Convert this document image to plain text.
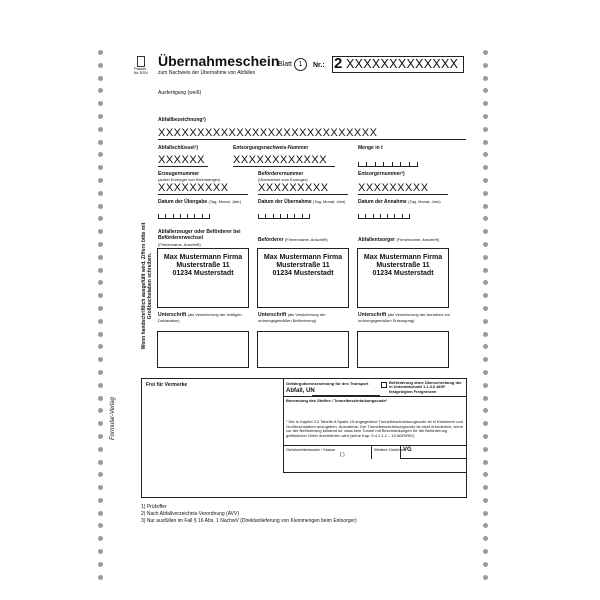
Passer für EDV
Übernahmeschein
zum Nachweis der Übernahme von Abfällen
Blatt 1	Nr.: 2 XXXXXXXXXXXXX
Ausfertigung (weiß)
Abfallbezeichnung²)
XXXXXXXXXXXXXXXXXXXXXXXXXXXX
Abfallschlüssel²)	Entsorgungsnachweis-Nummer	Menge in t
XXXXXX	XXXXXXXXXXXX
Erzeugernummer
(außer Erzeuger von Kleinmengen)
Beförderernummer
(Übernahme vom Erzeuger)
Entsorgernummer³)
XXXXXXXXX	XXXXXXXXX	XXXXXXXXX
Datum der Übergabe (Tag, Monat, Jahr)	Datum der Übernahme (Tag, Monat, Jahr)	Datum der Annahme (Tag, Monat, Jahr)
Wenn handschriftlich ausgefüllt wird, Ziffern bitte mit Großbuchstaben schreiben.
Abfallerzeuger oder Beförderer bei Befördererwechsel
(Firmenname, Anschrift)
Beförderer (Firmenname, Anschrift)	Abfallentsorger (Firmenname, Anschrift)
Max Mustermann Firma
Musterstraße 11
01234 Musterstadt
Max Mustermann Firma
Musterstraße 11
01234 Musterstadt
Max Mustermann Firma
Musterstraße 11
01234 Musterstadt
Unterschrift (als Versicherung der richtigen Deklaration)
Unterschrift (als Versicherung der ordnungsgemäßen Beförderung)
Unterschrift (als Versicherung der Annahme zur ordnungsgemäßen Entsorgung)
Formular-Verlag
Frei für Vermerke	Gefahrgutkennzeichnung für den Transport
Abfall, UN
Beförderung ohne Überschreitung der in Unterabschnitt 1.1.3.6 ADR festgelegten Freigrenzen
Benennung des Stoffes / Tunnelbeschränkungscode¹
¹ Der in Kapitel 3.2 Tabelle A Spalte 15 angegebene Tunnelbeschränkungscode ist in Klammern und Großbuchstaben anzugeben. Ausnahme: Der Tunnelbeschränkungscode ist nicht erforderlich, wenn vor der Beförderung bekannt ist, dass kein Tunnel mit Beschränkungen für die Beförderung gefährlicher Güter durchfahren wird (siehe Kap. 5.4.1.1.1 – 10 ADR/RID)
Gefahrzettelmuster / Klasse
( )
Weitere Gefahren
VG
1) Prüfziffer
2) Nach Abfallverzeichnis-Verordnung (AVV)
3) Nur ausfüllen im Fall § 16 Abs. 1 NachwV (Direktanlieferung von Kleinmengen beim Entsorger)
